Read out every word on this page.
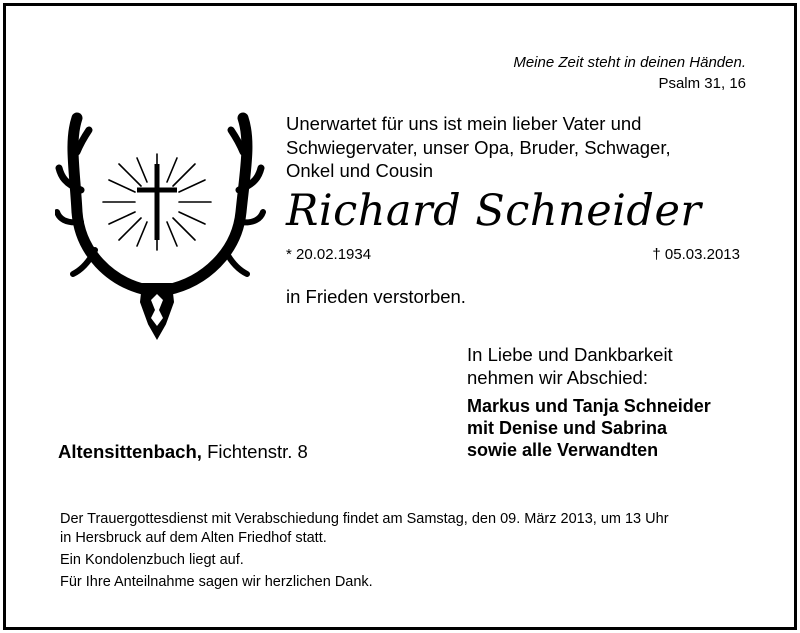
Meine Zeit steht in deinen Händen.

Psalm 31, 16

Unerwartet für uns ist mein lieber Vater und
Schwiegervater, unser Opa, Bruder, Schwager,
Onkel und Cousin

Richard Schneider

* 20.02.1934	† 05.03.2013

in Frieden verstorben.

In Liebe und Dankbarkeit
nehmen wir Abschied:
Markus und Tanja Schneider
mit Denise und Sabrina
sowie alle Verwandten

Altensittenbach, Fichtenstr. 8

Der Trauergottesdienst mit Verabschiedung findet am Samstag, den 09. März 2013, um 13 Uhr
in Hersbruck auf dem Alten Friedhof statt.

Ein Kondolenzbuch liegt auf.

Für Ihre Anteilnahme sagen wir herzlichen Dank.
